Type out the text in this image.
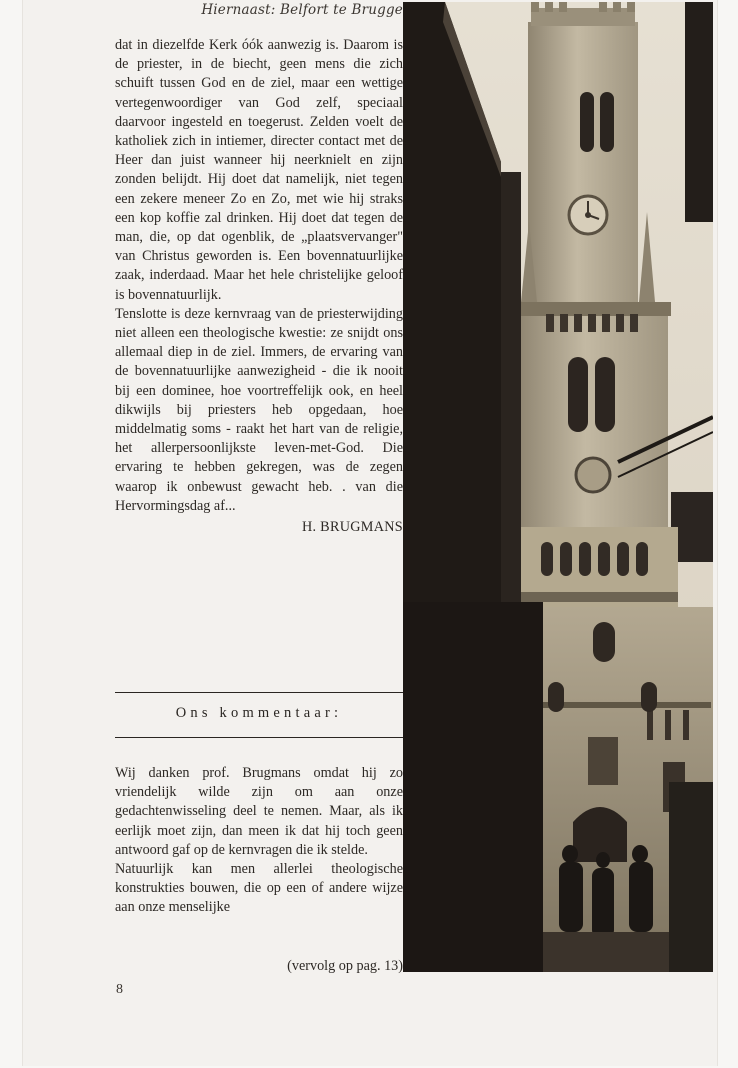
Hiernaast: Belfort te Brugge

dat in diezelfde Kerk óók aanwezig is. Daarom is de priester, in de biecht, geen mens die zich schuift tussen God en de ziel, maar een wettige vertegenwoordiger van God zelf, speciaal daarvoor ingesteld en toegerust. Zelden voelt de katholiek zich in intiemer, directer contact met de Heer dan juist wanneer hij neerknielt en zijn zonden belijdt. Hij doet dat namelijk, niet tegen een zekere meneer Zo en Zo, met wie hij straks een kop koffie zal drinken. Hij doet dat tegen de man, die, op dat ogenblik, de „plaatsvervanger" van Christus geworden is. Een bovennatuurlijke zaak, inderdaad. Maar het hele christelijke geloof is bovennatuurlijk.

Tenslotte is deze kernvraag van de priesterwijding niet alleen een theologische kwestie: ze snijdt ons allemaal diep in de ziel. Immers, de ervaring van de bovennatuurlijke aanwezigheid - die ik nooit bij een dominee, hoe voortreffelijk ook, en heel dikwijls bij priesters heb opgedaan, hoe middelmatig soms - raakt het hart van de religie, het allerpersoonlijkste leven-met-God. Die ervaring te hebben gekregen, was de zegen waarop ik onbewust gewacht heb. . van die Hervormingsdag af...

H. BRUGMANS
Ons kommentaar:

Wij danken prof. Brugmans omdat hij zo vriendelijk wilde zijn om aan onze gedachtenwisseling deel te nemen. Maar, als ik eerlijk moet zijn, dan meen ik dat hij toch geen antwoord gaf op de kernvragen die ik stelde.

Natuurlijk kan men allerlei theologische konstrukties bouwen, die op een of andere wijze aan onze menselijke

(vervolg op pag. 13)
8
